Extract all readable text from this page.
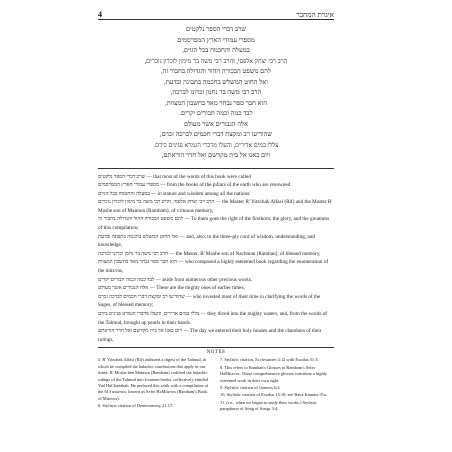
4	איגרת המחבר
שרב דברי הספר נלקטים
מספרי עמודי הארץ המפרסמים
במעלה והחכמה בכל הגוים,
הרב רבי יצחק אלפסי, והרב רבי משה בר מימון לזכרון נזכרים,
להם משפט הבכורה ההוד והגדולה בחבור זה,
ואל החוט המשלש בחכמה בתבונה ובדעת,
הרב רבי משה בר נחמן זכרונו לברכה,
הוא חבר ספר נבחר מאד בחשבון המצוות,
לבד כמה וכמה חבורים יקרים.
אלה הגבורים אשר מעולם
שהודיעו רב ומקצת דברי חכמים לברכה זכרם,
צללו במים אדירים, והעלו מדברי הגמרא פנינים בידם.
ויום באנו אל בית מקדשם ואל חדר הוראתם,
שרב דברי הספר נלקטים — that most of the words of this book were culled
מספרי עמודי הארץ המפרסמים — from the books of the pillars of the earth who are renowned
במעלה והחכמה בכל הגוים — in stature and wisdom among all the nations:
הרב רבי יצחק אלפסי, והרב רבי משה בר מימון לזכרון נזכרים — the Master R' Yitzchak Alfasi (Rif) and the Master R' Moshe son of Maimon (Rambam), of virtuous memory,
להם משפט הבכורה ההוד והגדולה בחבור זה — To them goes the right of the firstborn, the glory, and the greatness of this compilation;
ואל החוט המשלש בחכמה בתבונה ובדעת — and, also, to the three-ply cord of wisdom, understanding, and knowledge,
הרב רבי משה בר נחמן זכרונו לברכה — the Master, R' Moshe son of Nachman (Ramban), of blessed memory,
הוא חבר ספר נבחר מאד בחשבון המצוות — who composed a highly esteemed book regarding the enumeration of the mitzvos,
לבד כמה וכמה חבורים יקרים — aside from numerous other precious works.
אלה הגבורים אשר מעולם — These are the mighty ones of earlier times,
שהודיעו רב ומקצת דברי חכמים לברכה זכרם — who invested most of their time in clarifying the words of the Sages, of blessed memory;
צללו במים אדירים, והעלו מדברי הגמרא פנינים בידם — they dived into the mighty waters, and, from the words of the Talmud, brought up pearls in their hands.
ויום באנו אל בית מקדשם ואל חדר הוראתם — The day we entered their holy houses and the chambers of their rulings,
NOTES
5. R' Yitzchak Alfasi (Rif) authored a digest of the Talmud, in which he compiled the halachic conclusions that apply in our times. R' Moshe ben Maimon (Rambam) codified the halachic rulings of the Talmud into fourteen books, collectively entitled Yad HaChazakah. He prefaced this work with a compilation of the 613 mitzvos, known as Sefer HaMitzvos (Rambam's Book of Mitzvos).
6. Stylistic citation of Deuteronomy 21:17.
7. Stylistic citation, Ecclesiastes 4:12 with Exodus 31:3.
8. This refers to Ramban's Glosses to Rambam's Sefer HaMitzvos. These comprehensive glosses constitute a highly esteemed work in their own right.
9. Stylistic citation of Genesis 6:4.
10. Stylistic citation of Exodus 15:10; see Bava Kamma 91a.
11. (i.e., when we began to study their works.) Stylistic paraphrase of Song of Songs 3:4.
